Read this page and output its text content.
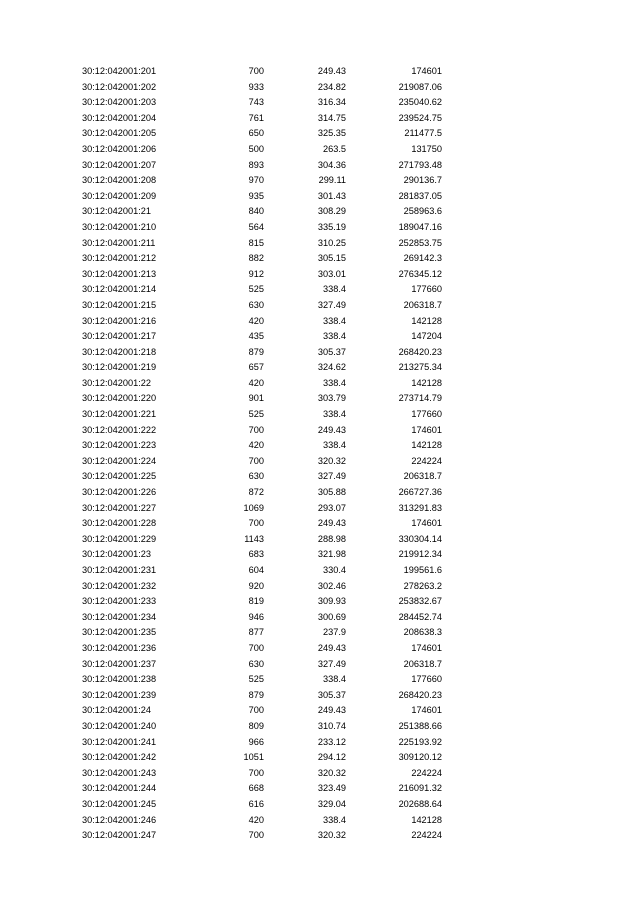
30:12:042001:201	700	249.43	174601
30:12:042001:202	933	234.82	219087.06
30:12:042001:203	743	316.34	235040.62
30:12:042001:204	761	314.75	239524.75
30:12:042001:205	650	325.35	211477.5
30:12:042001:206	500	263.5	131750
30:12:042001:207	893	304.36	271793.48
30:12:042001:208	970	299.11	290136.7
30:12:042001:209	935	301.43	281837.05
30:12:042001:21	840	308.29	258963.6
30:12:042001:210	564	335.19	189047.16
30:12:042001:211	815	310.25	252853.75
30:12:042001:212	882	305.15	269142.3
30:12:042001:213	912	303.01	276345.12
30:12:042001:214	525	338.4	177660
30:12:042001:215	630	327.49	206318.7
30:12:042001:216	420	338.4	142128
30:12:042001:217	435	338.4	147204
30:12:042001:218	879	305.37	268420.23
30:12:042001:219	657	324.62	213275.34
30:12:042001:22	420	338.4	142128
30:12:042001:220	901	303.79	273714.79
30:12:042001:221	525	338.4	177660
30:12:042001:222	700	249.43	174601
30:12:042001:223	420	338.4	142128
30:12:042001:224	700	320.32	224224
30:12:042001:225	630	327.49	206318.7
30:12:042001:226	872	305.88	266727.36
30:12:042001:227	1069	293.07	313291.83
30:12:042001:228	700	249.43	174601
30:12:042001:229	1143	288.98	330304.14
30:12:042001:23	683	321.98	219912.34
30:12:042001:231	604	330.4	199561.6
30:12:042001:232	920	302.46	278263.2
30:12:042001:233	819	309.93	253832.67
30:12:042001:234	946	300.69	284452.74
30:12:042001:235	877	237.9	208638.3
30:12:042001:236	700	249.43	174601
30:12:042001:237	630	327.49	206318.7
30:12:042001:238	525	338.4	177660
30:12:042001:239	879	305.37	268420.23
30:12:042001:24	700	249.43	174601
30:12:042001:240	809	310.74	251388.66
30:12:042001:241	966	233.12	225193.92
30:12:042001:242	1051	294.12	309120.12
30:12:042001:243	700	320.32	224224
30:12:042001:244	668	323.49	216091.32
30:12:042001:245	616	329.04	202688.64
30:12:042001:246	420	338.4	142128
30:12:042001:247	700	320.32	224224
